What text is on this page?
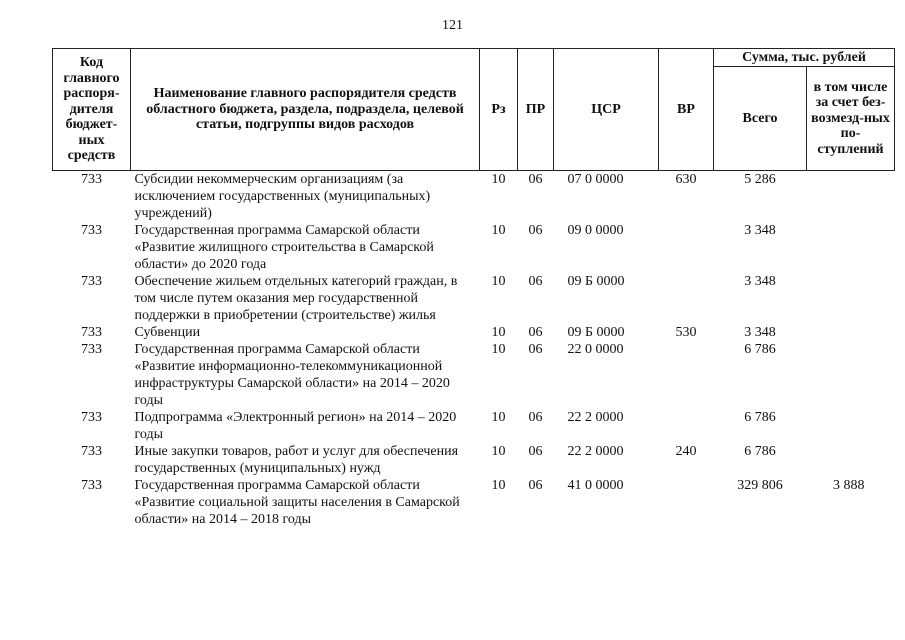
121
Код главного распоря-дителя бюджет-ных средств	Наименование главного распорядителя средств областного бюджета, раздела, подраздела, целевой статьи, подгруппы видов расходов	Рз	ПР	ЦСР	ВР	Сумма, тыс. рублей	
						Всего	в том числе за счет без-возмезд-ных по-ступлений
733	Субсидии некоммерческим организациям (за исключением государственных (муниципальных) учреждений)	10	06	07 0 0000	630	5 286	
733	Государственная программа Самарской области «Развитие жилищного строительства в Самарской области» до 2020 года	10	06	09 0 0000		3 348	
733	Обеспечение жильем отдельных категорий граждан, в том числе путем оказания мер государственной поддержки в приобретении (строительстве) жилья	10	06	09 Б 0000		3 348	
733	Субвенции	10	06	09 Б 0000	530	3 348	
733	Государственная программа Самарской области «Развитие информационно-телекоммуникационной инфраструктуры Самарской области» на 2014 – 2020 годы	10	06	22 0 0000		6 786	
733	Подпрограмма «Электронный регион» на 2014 – 2020 годы	10	06	22 2 0000		6 786	
733	Иные закупки товаров, работ и услуг для обеспечения государственных (муниципальных) нужд	10	06	22 2 0000	240	6 786	
733	Государственная программа Самарской области «Развитие социальной защиты населения в Самарской области» на 2014 – 2018 годы	10	06	41 0 0000		329 806	3 888
